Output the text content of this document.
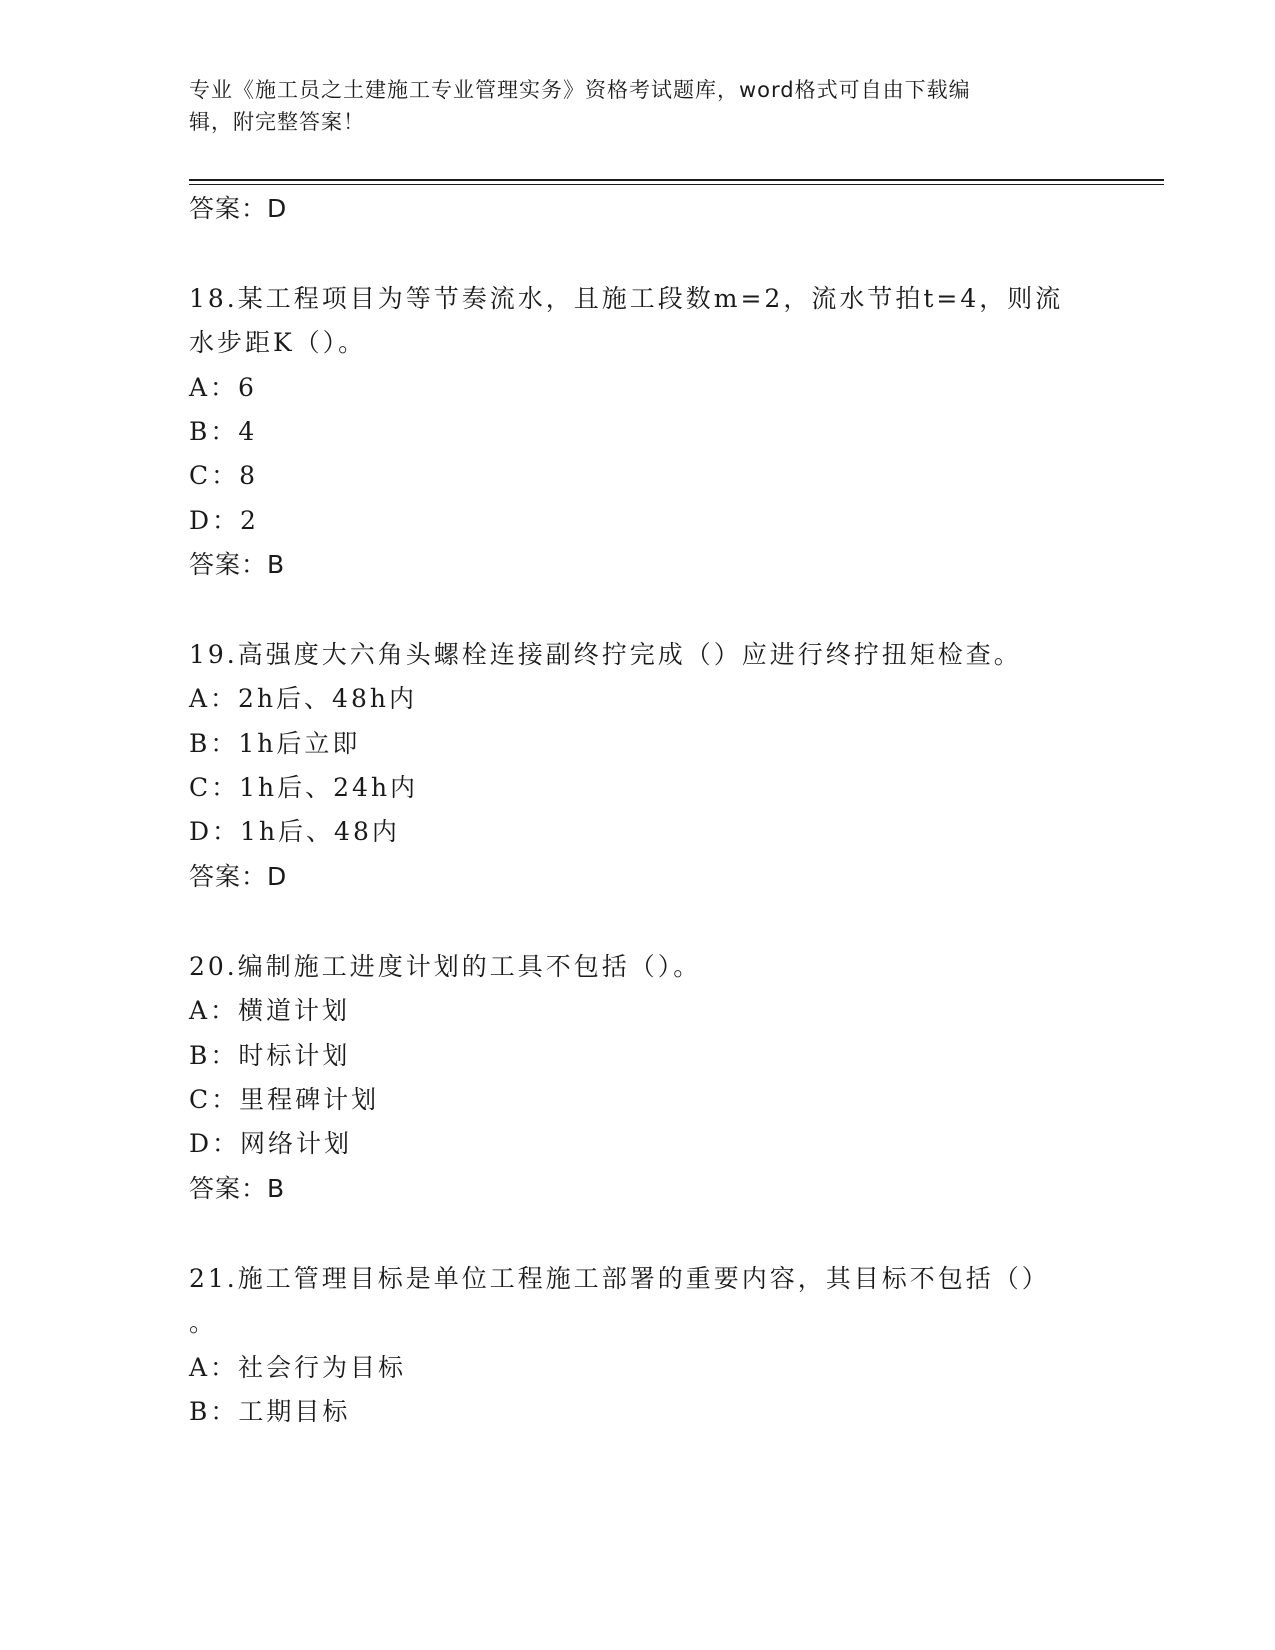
专业《施工员之土建施工专业管理实务》资格考试题库，word格式可自由下载编
辑，附完整答案！
答案：D
18.某工程项目为等节奏流水，且施工段数m=2，流水节拍t=4，则流
水步距K（）。
A：6
B：4
C：8
D：2
答案：B
19.高强度大六角头螺栓连接副终拧完成（）应进行终拧扭矩检查。
A：2h后、48h内
B：1h后立即
C：1h后、24h内
D：1h后、48内
答案：D
20.编制施工进度计划的工具不包括（）。
A：横道计划
B：时标计划
C：里程碑计划
D：网络计划
答案：B
21.施工管理目标是单位工程施工部署的重要内容，其目标不包括（）
。
A：社会行为目标
B：工期目标
